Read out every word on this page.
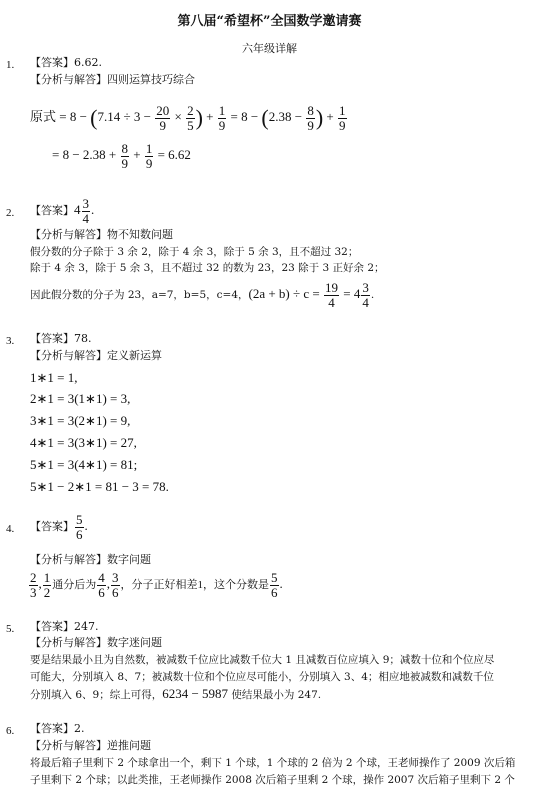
第八届“希望杯”全国数学邀请赛
六年级详解
1. 【答案】6.62.
【分析与解答】四则运算技巧综合
原式 = $8 - (7.14 \div 3 - \frac{20}{9} \times \frac{2}{5}$ ) + $\frac{1}{9} = 8 - (2.38 - \frac{8}{9}$ ) + $\frac{1}{9}$
= $8 - 2.38 + \frac{8}{9} + \frac{1}{9} = 6.62$
2. 【答案】$4 \frac{3}{4}$ .
【分析与解答】物不知数问题
假分数的分子除于 3 余 2，除于 4 余 3，除于 5 余 3，且不超过 32；
除于 4 余 3，除于 5 余 3，且不超过 32 的数为 23，23 除于 3 正好余 2；
因此假分数的分子为 23，a=7，b=5，c=4，$(2a + b) \div c = \frac{19}{4} = 4 \frac{3}{4}$ .
3. 【答案】78.
【分析与解答】定义新运算
1∗1 = 1,
2∗1 = 3(1∗1) = 3,
3∗1 = 3(2∗1) = 9,
4∗1 = 3(3∗1) = 27,
5∗1 = 3(4∗1) = 81;
5∗1 − 2∗1 = 81 − 3 = 78.
4. 【答案】 $\frac{5}{6}$ .
【分析与解答】数字问题
$\frac{2}{3}$ , $\frac{1}{2}$ 通分后为 $\frac{4}{6}$ , $\frac{3}{6}$ ，分子正好相差1，这个分数是 $\frac{5}{6}$ .
5. 【答案】247.
【分析与解答】数字迷问题
要是结果最小且为自然数，被减数千位应比减数千位大 1 且减数百位应填入 9；减数十位和个位应尽
可能大，分别填入 8、7；被减数十位和个位应尽可能小，分别填入 3、4；相应地被减数和减数千位
分别填入 6、9；综上可得，6234 − 5987 使结果最小为 247.
6. 【答案】2.
【分析与解答】逆推问题
将最后箱子里剩下 2 个球拿出一个，剩下 1 个球，1 个球的 2 倍为 2 个球，王老师操作了 2009 次后箱
子里剩下 2 个球；以此类推，王老师操作 2008 次后箱子里剩 2 个球，操作 2007 次后箱子里剩下 2 个
